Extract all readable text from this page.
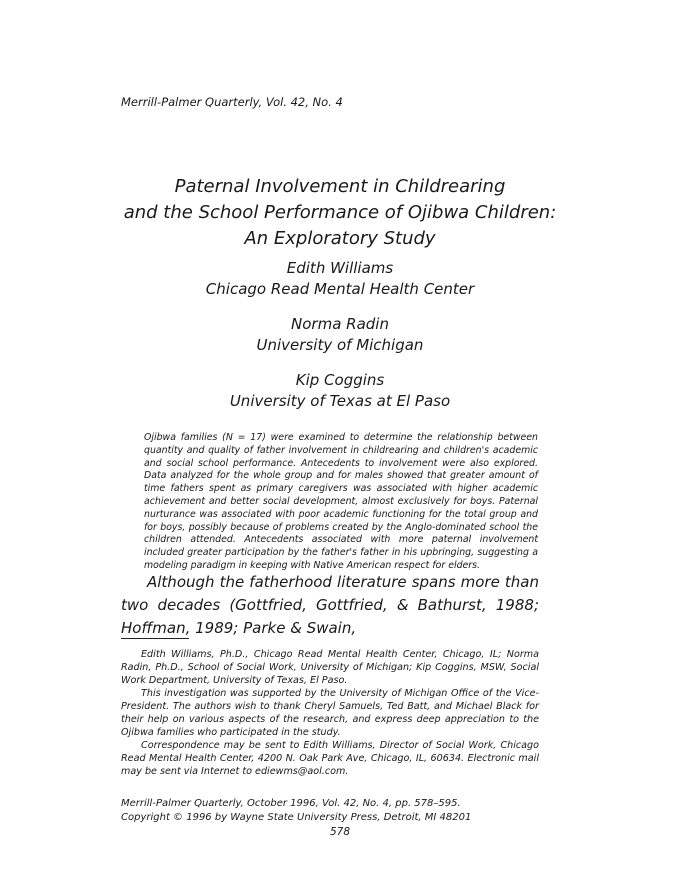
Merrill-Palmer Quarterly, Vol. 42, No. 4
Paternal Involvement in Childrearing
and the School Performance of Ojibwa Children:
An Exploratory Study
Edith Williams
Chicago Read Mental Health Center
Norma Radin
University of Michigan
Kip Coggins
University of Texas at El Paso

Ojibwa families (N = 17) were examined to determine the relationship between quantity and quality of father involvement in childrearing and children's academic and social school performance. Antecedents to involvement were also explored. Data analyzed for the whole group and for males showed that greater amount of time fathers spent as primary caregivers was associated with higher academic achievement and better social development, almost exclusively for boys. Paternal nurturance was associated with poor academic functioning for the total group and for boys, possibly because of problems created by the Anglo-dominated school the children attended. Antecedents associated with more paternal involvement included greater participation by the father's father in his upbringing, suggesting a modeling paradigm in keeping with Native American respect for elders.

Although the fatherhood literature spans more than two decades (Gottfried, Gottfried, & Bathurst, 1988; Hoffman, 1989; Parke & Swain,

Edith Williams, Ph.D., Chicago Read Mental Health Center, Chicago, IL; Norma Radin, Ph.D., School of Social Work, University of Michigan; Kip Coggins, MSW, Social Work Department, University of Texas, El Paso.

This investigation was supported by the University of Michigan Office of the Vice-President. The authors wish to thank Cheryl Samuels, Ted Batt, and Michael Black for their help on various aspects of the research, and express deep appreciation to the Ojibwa families who participated in the study.

Correspondence may be sent to Edith Williams, Director of Social Work, Chicago Read Mental Health Center, 4200 N. Oak Park Ave, Chicago, IL, 60634. Electronic mail may be sent via Internet to ediewms@aol.com.

Merrill-Palmer Quarterly, October 1996, Vol. 42, No. 4, pp. 578–595.
Copyright © 1996 by Wayne State University Press, Detroit, MI 48201
578
